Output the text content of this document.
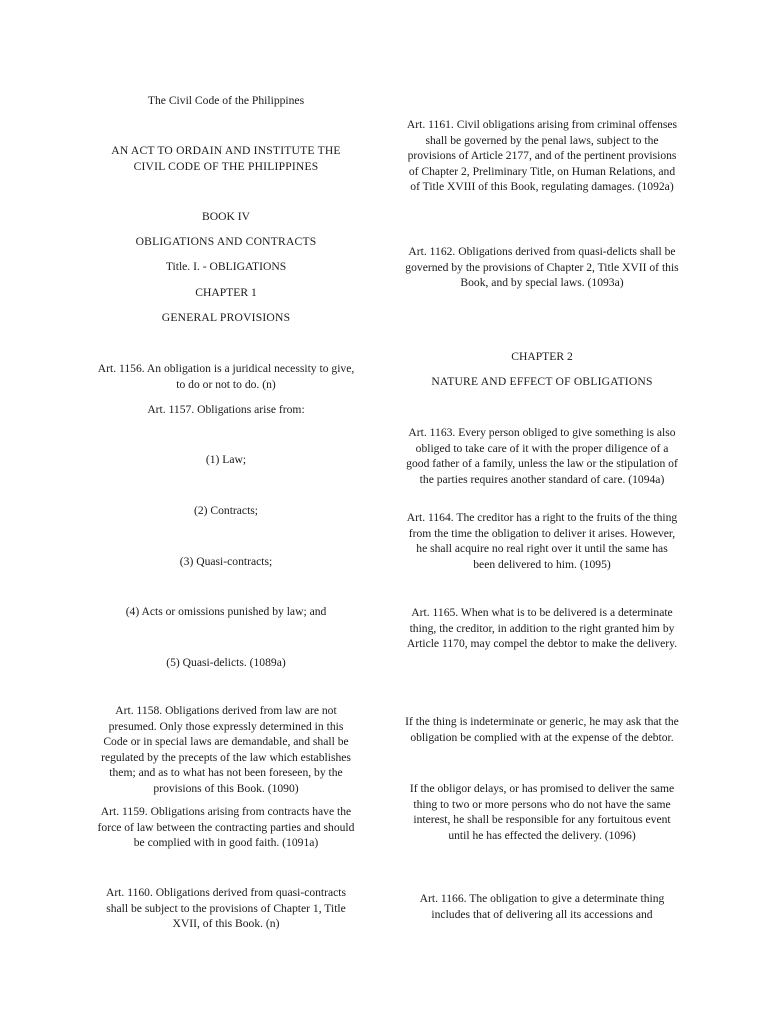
The Civil Code of the Philippines

AN ACT TO ORDAIN AND INSTITUTE THE CIVIL CODE OF THE PHILIPPINES

BOOK IV

OBLIGATIONS AND CONTRACTS

Title. I. - OBLIGATIONS

CHAPTER 1

GENERAL PROVISIONS

Art. 1156. An obligation is a juridical necessity to give, to do or not to do. (n)

Art. 1157. Obligations arise from:

(1) Law;

(2) Contracts;

(3) Quasi-contracts;

(4) Acts or omissions punished by law; and

(5) Quasi-delicts. (1089a)

Art. 1158. Obligations derived from law are not presumed. Only those expressly determined in this Code or in special laws are demandable, and shall be regulated by the precepts of the law which establishes them; and as to what has not been foreseen, by the provisions of this Book. (1090)

Art. 1159. Obligations arising from contracts have the force of law between the contracting parties and should be complied with in good faith. (1091a)

Art. 1160. Obligations derived from quasi-contracts shall be subject to the provisions of Chapter 1, Title XVII, of this Book. (n)

Art. 1161. Civil obligations arising from criminal offenses shall be governed by the penal laws, subject to the provisions of Article 2177, and of the pertinent provisions of Chapter 2, Preliminary Title, on Human Relations, and of Title XVIII of this Book, regulating damages. (1092a)

Art. 1162. Obligations derived from quasi-delicts shall be governed by the provisions of Chapter 2, Title XVII of this Book, and by special laws. (1093a)

CHAPTER 2

NATURE AND EFFECT OF OBLIGATIONS

Art. 1163. Every person obliged to give something is also obliged to take care of it with the proper diligence of a good father of a family, unless the law or the stipulation of the parties requires another standard of care. (1094a)

Art. 1164. The creditor has a right to the fruits of the thing from the time the obligation to deliver it arises. However, he shall acquire no real right over it until the same has been delivered to him. (1095)

Art. 1165. When what is to be delivered is a determinate thing, the creditor, in addition to the right granted him by Article 1170, may compel the debtor to make the delivery.

If the thing is indeterminate or generic, he may ask that the obligation be complied with at the expense of the debtor.

If the obligor delays, or has promised to deliver the same thing to two or more persons who do not have the same interest, he shall be responsible for any fortuitous event until he has effected the delivery. (1096)

Art. 1166. The obligation to give a determinate thing includes that of delivering all its accessions and
